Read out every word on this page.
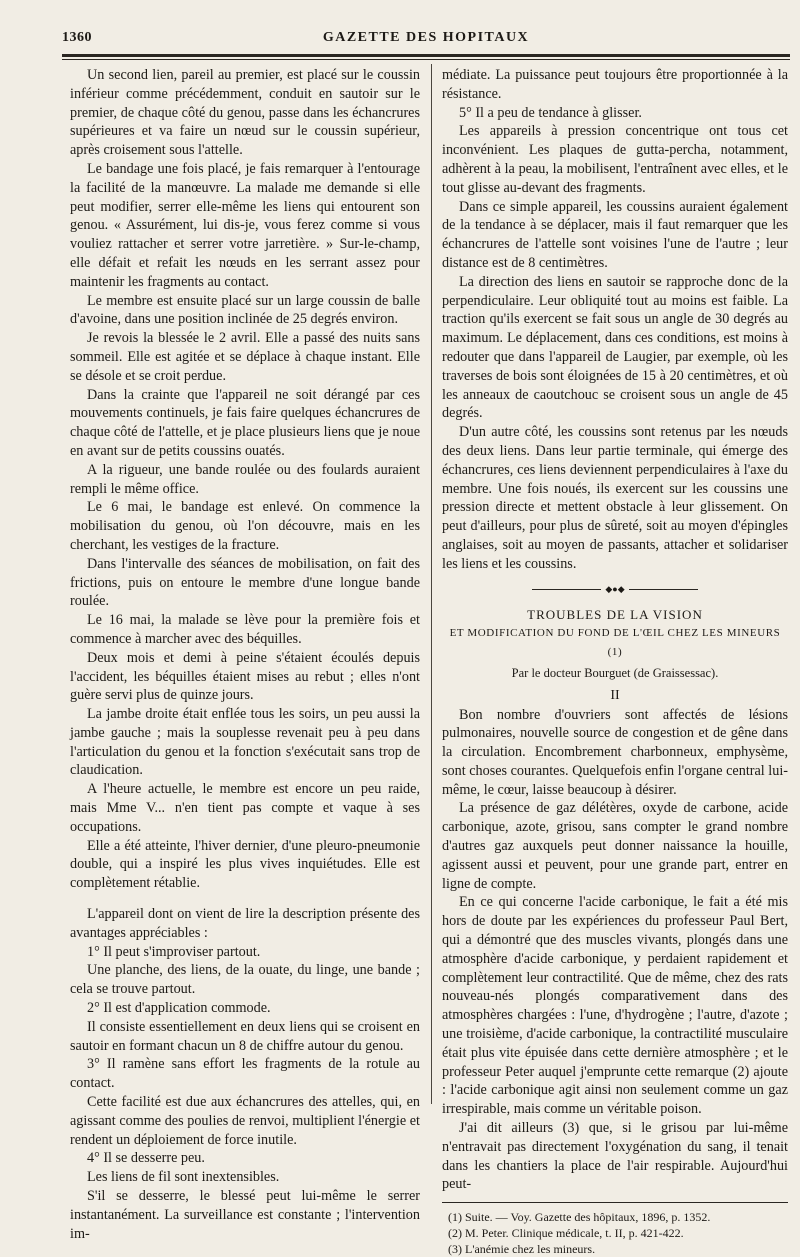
1360	GAZETTE DES HOPITAUX

Un second lien, pareil au premier, est placé sur le coussin inférieur comme précédemment, conduit en sautoir sur le premier, de chaque côté du genou, passe dans les échancrures supérieures et va faire un nœud sur le coussin supérieur, après croisement sous l'attelle.

Le bandage une fois placé, je fais remarquer à l'entourage la facilité de la manœuvre. La malade me demande si elle peut modifier, serrer elle-même les liens qui entourent son genou. « Assurément, lui dis-je, vous ferez comme si vous vouliez rattacher et serrer votre jarretière. » Sur-le-champ, elle défait et refait les nœuds en les serrant assez pour maintenir les fragments au contact.

Le membre est ensuite placé sur un large coussin de balle d'avoine, dans une position inclinée de 25 degrés environ.

Je revois la blessée le 2 avril. Elle a passé des nuits sans sommeil. Elle est agitée et se déplace à chaque instant. Elle se désole et se croit perdue.

Dans la crainte que l'appareil ne soit dérangé par ces mouvements continuels, je fais faire quelques échancrures de chaque côté de l'attelle, et je place plusieurs liens que je noue en avant sur de petits coussins ouatés.

A la rigueur, une bande roulée ou des foulards auraient rempli le même office.

Le 6 mai, le bandage est enlevé. On commence la mobilisation du genou, où l'on découvre, mais en les cherchant, les vestiges de la fracture.

Dans l'intervalle des séances de mobilisation, on fait des frictions, puis on entoure le membre d'une longue bande roulée.

Le 16 mai, la malade se lève pour la première fois et commence à marcher avec des béquilles.

Deux mois et demi à peine s'étaient écoulés depuis l'accident, les béquilles étaient mises au rebut ; elles n'ont guère servi plus de quinze jours.

La jambe droite était enflée tous les soirs, un peu aussi la jambe gauche ; mais la souplesse revenait peu à peu dans l'articulation du genou et la fonction s'exécutait sans trop de claudication.

A l'heure actuelle, le membre est encore un peu raide, mais Mme V... n'en tient pas compte et vaque à ses occupations.

Elle a été atteinte, l'hiver dernier, d'une pleuro-pneumonie double, qui a inspiré les plus vives inquiétudes. Elle est complètement rétablie.

L'appareil dont on vient de lire la description présente des avantages appréciables :

1° Il peut s'improviser partout.

Une planche, des liens, de la ouate, du linge, une bande ; cela se trouve partout.

2° Il est d'application commode.

Il consiste essentiellement en deux liens qui se croisent en sautoir en formant chacun un 8 de chiffre autour du genou.

3° Il ramène sans effort les fragments de la rotule au contact.

Cette facilité est due aux échancrures des attelles, qui, en agissant comme des poulies de renvoi, multiplient l'énergie et rendent un déploiement de force inutile.

4° Il se desserre peu.

Les liens de fil sont inextensibles.

S'il se desserre, le blessé peut lui-même le serrer instantanément. La surveillance est constante ; l'intervention im-

médiate. La puissance peut toujours être proportionnée à la résistance.

5° Il a peu de tendance à glisser.

Les appareils à pression concentrique ont tous cet inconvénient. Les plaques de gutta-percha, notamment, adhèrent à la peau, la mobilisent, l'entraînent avec elles, et le tout glisse au-devant des fragments.

Dans ce simple appareil, les coussins auraient également de la tendance à se déplacer, mais il faut remarquer que les échancrures de l'attelle sont voisines l'une de l'autre ; leur distance est de 8 centimètres.

La direction des liens en sautoir se rapproche donc de la perpendiculaire. Leur obliquité tout au moins est faible. La traction qu'ils exercent se fait sous un angle de 30 degrés au maximum. Le déplacement, dans ces conditions, est moins à redouter que dans l'appareil de Laugier, par exemple, où les traverses de bois sont éloignées de 15 à 20 centimètres, et où les anneaux de caoutchouc se croisent sous un angle de 45 degrés.

D'un autre côté, les coussins sont retenus par les nœuds des deux liens. Dans leur partie terminale, qui émerge des échancrures, ces liens deviennent perpendiculaires à l'axe du membre. Une fois noués, ils exercent sur les coussins une pression directe et mettent obstacle à leur glissement. On peut d'ailleurs, pour plus de sûreté, soit au moyen d'épingles anglaises, soit au moyen de passants, attacher et solidariser les liens et les coussins.

◆●◆

TROUBLES DE LA VISION

ET MODIFICATION DU FOND DE L'ŒIL CHEZ LES MINEURS (1)

Par le docteur Bourguet (de Graissessac).

II

Bon nombre d'ouvriers sont affectés de lésions pulmonaires, nouvelle source de congestion et de gêne dans la circulation. Encombrement charbonneux, emphysème, sont choses courantes. Quelquefois enfin l'organe central lui-même, le cœur, laisse beaucoup à désirer.

La présence de gaz délétères, oxyde de carbone, acide carbonique, azote, grisou, sans compter le grand nombre d'autres gaz auxquels peut donner naissance la houille, agissent aussi et peuvent, pour une grande part, entrer en ligne de compte.

En ce qui concerne l'acide carbonique, le fait a été mis hors de doute par les expériences du professeur Paul Bert, qui a démontré que des muscles vivants, plongés dans une atmosphère d'acide carbonique, y perdaient rapidement et complètement leur contractilité. Que de même, chez des rats nouveau-nés plongés comparativement dans des atmosphères chargées : l'une, d'hydrogène ; l'autre, d'azote ; une troisième, d'acide carbonique, la contractilité musculaire était plus vite épuisée dans cette dernière atmosphère ; et le professeur Peter auquel j'emprunte cette remarque (2) ajoute : l'acide carbonique agit ainsi non seulement comme un gaz irrespirable, mais comme un véritable poison.

J'ai dit ailleurs (3) que, si le grisou par lui-même n'entravait pas directement l'oxygénation du sang, il tenait dans les chantiers la place de l'air respirable. Aujourd'hui peut-

(1) Suite. — Voy. Gazette des hôpitaux, 1896, p. 1352.

(2) M. Peter. Clinique médicale, t. II, p. 421-422.

(3) L'anémie chez les mineurs.
